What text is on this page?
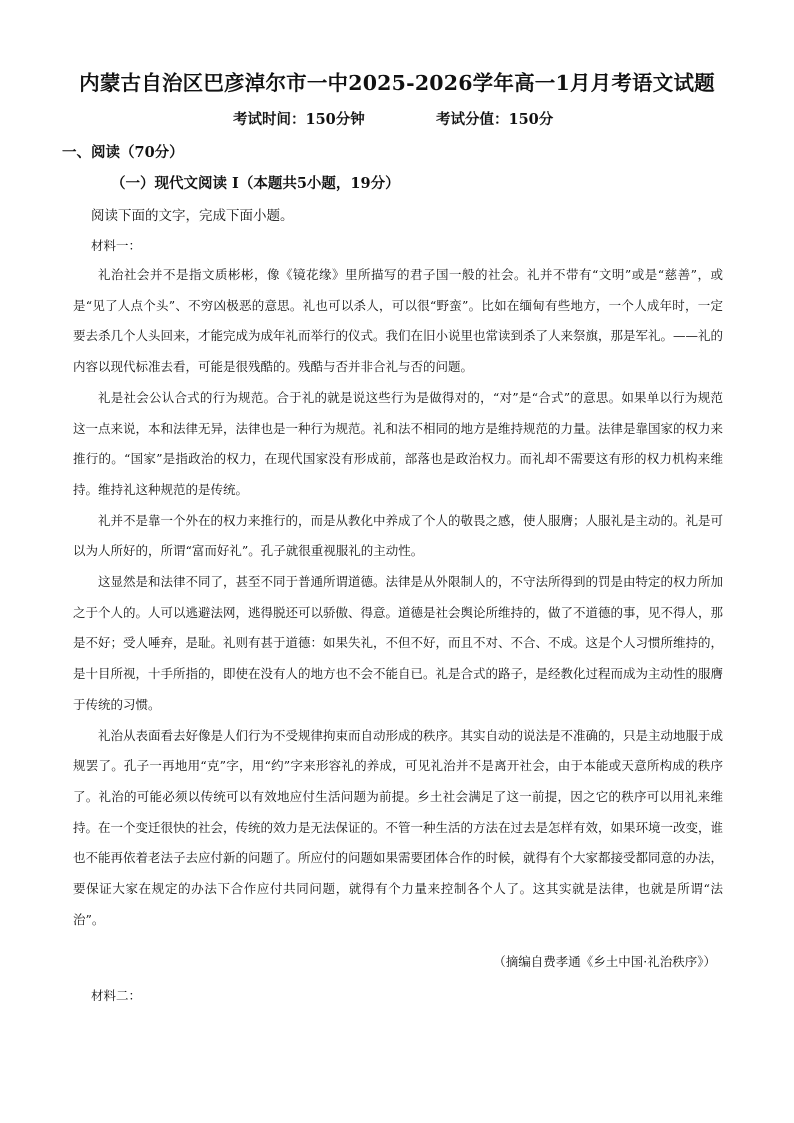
内蒙古自治区巴彦淖尔市一中2025-2026学年高一1月月考语文试题
考试时间：150分钟	考试分值：150分
一、阅读（70分）
（一）现代文阅读 I（本题共5小题，19分）
阅读下面的文字，完成下面小题。
材料一：

礼治社会并不是指文质彬彬，像《镜花缘》里所描写的君子国一般的社会。礼并不带有“文明”或是“慈善”，或是“见了人点个头”、不穷凶极恶的意思。礼也可以杀人，可以很“野蛮”。比如在缅甸有些地方，一个人成年时，一定要去杀几个人头回来，才能完成为成年礼而举行的仪式。我们在旧小说里也常读到杀了人来祭旗，那是军礼。——礼的内容以现代标准去看，可能是很残酷的。残酷与否并非合礼与否的问题。

礼是社会公认合式的行为规范。合于礼的就是说这些行为是做得对的，“对”是“合式”的意思。如果单以行为规范这一点来说，本和法律无异，法律也是一种行为规范。礼和法不相同的地方是维持规范的力量。法律是靠国家的权力来推行的。“国家”是指政治的权力，在现代国家没有形成前，部落也是政治权力。而礼却不需要这有形的权力机构来维持。维持礼这种规范的是传统。

礼并不是靠一个外在的权力来推行的，而是从教化中养成了个人的敬畏之感，使人服膺；人服礼是主动的。礼是可以为人所好的，所谓“富而好礼”。孔子就很重视服礼的主动性。

这显然是和法律不同了，甚至不同于普通所谓道德。法律是从外限制人的，不守法所得到的罚是由特定的权力所加之于个人的。人可以逃避法网，逃得脱还可以骄傲、得意。道德是社会舆论所维持的，做了不道德的事，见不得人，那是不好；受人唾弃，是耻。礼则有甚于道德：如果失礼，不但不好，而且不对、不合、不成。这是个人习惯所维持的，是十目所视，十手所指的，即使在没有人的地方也不会不能自已。礼是合式的路子，是经教化过程而成为主动性的服膺于传统的习惯。

礼治从表面看去好像是人们行为不受规律拘束而自动形成的秩序。其实自动的说法是不准确的，只是主动地服于成规罢了。孔子一再地用“克”字，用“约”字来形容礼的养成，可见礼治并不是离开社会，由于本能或天意所构成的秩序了。礼治的可能必须以传统可以有效地应付生活问题为前提。乡土社会满足了这一前提，因之它的秩序可以用礼来维持。在一个变迁很快的社会，传统的效力是无法保证的。不管一种生活的方法在过去是怎样有效，如果环境一改变，谁也不能再依着老法子去应付新的问题了。所应付的问题如果需要团体合作的时候，就得有个大家都接受都同意的办法，要保证大家在规定的办法下合作应付共同问题，就得有个力量来控制各个人了。这其实就是法律，也就是所谓“法治”。

（摘编自费孝通《乡土中国·礼治秩序》）
材料二：
